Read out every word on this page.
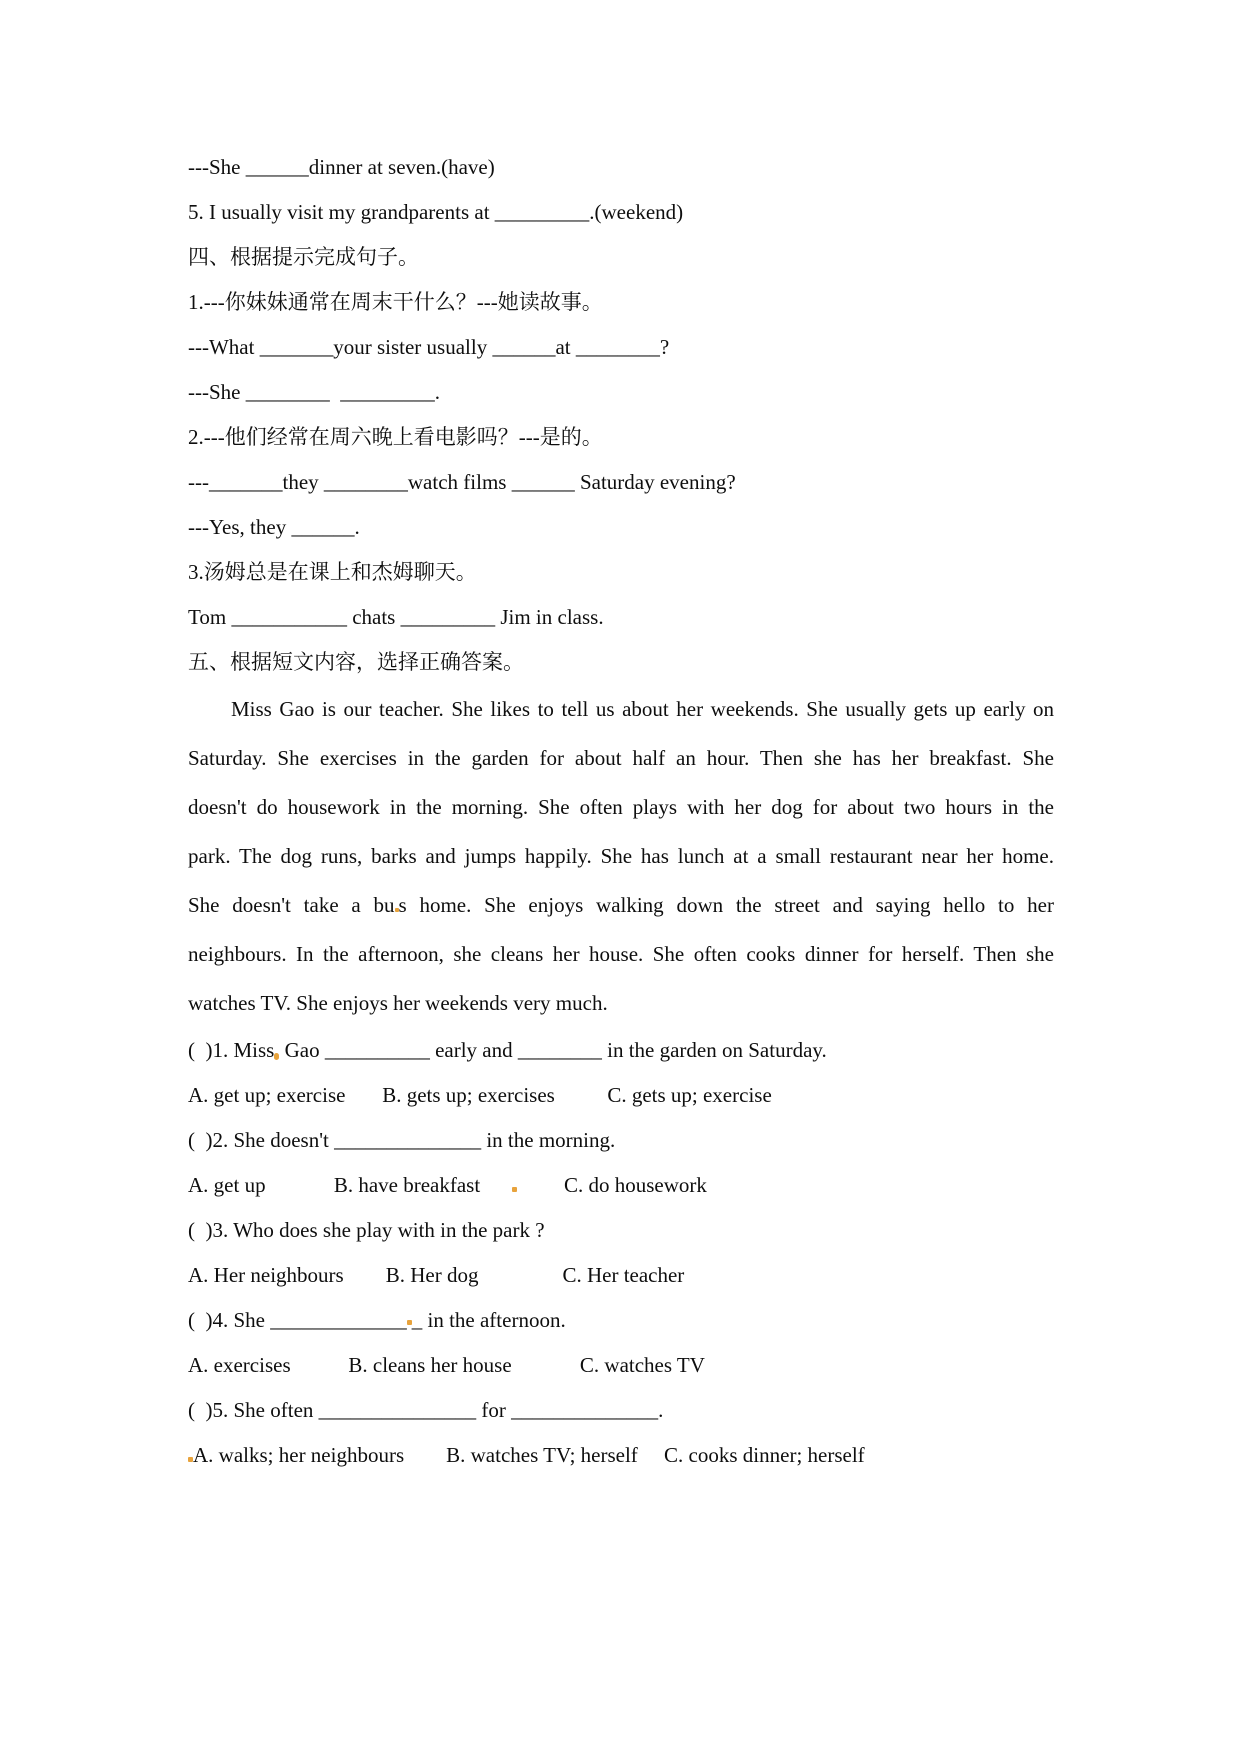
---She ______dinner at seven.(have)
5. I usually visit my grandparents at _________.(weekend)
四、根据提示完成句子。
1.---你妹妹通常在周末干什么？---她读故事。
---What _______your sister usually ______at ________?
---She ________  _________.
2.---他们经常在周六晚上看电影吗？---是的。
---_______they ________watch films ______ Saturday evening?
---Yes, they ______.
3.汤姆总是在课上和杰姆聊天。
Tom ___________ chats _________ Jim in class.
五、根据短文内容，选择正确答案。
Miss Gao is our teacher. She likes to tell us about her weekends. She usually gets up early on
Saturday. She exercises in the garden for about half an hour. Then she has her breakfast. She
doesn't do housework in the morning. She often plays with her dog for about two hours in the
park. The dog runs, barks and jumps happily. She has lunch at a small restaurant near her home.
She doesn't take a bu s home. She enjoys walking down the street and saying hello to her
neighbours. In the afternoon, she cleans her house. She often cooks dinner for herself. Then she
watches TV. She enjoys her weekends very much.
(  )1. Miss Gao __________ early and ________ in the garden on Saturday.
A. get up; exercise       B. gets up; exercises          C. gets up; exercise
(  )2. She doesn't ______________ in the morning.
A. get up             B. have breakfast               C. do housework
(  )3. Who does she play with in the park ?
A. Her neighbours        B. Her dog                C. Her teacher
(  )4. She _____________ _ in the afternoon.
A. exercises           B. cleans her house             C. watches TV
(  )5. She often _______________ for ______________.
A. walks; her neighbours        B. watches TV; herself     C. cooks dinner; herself
